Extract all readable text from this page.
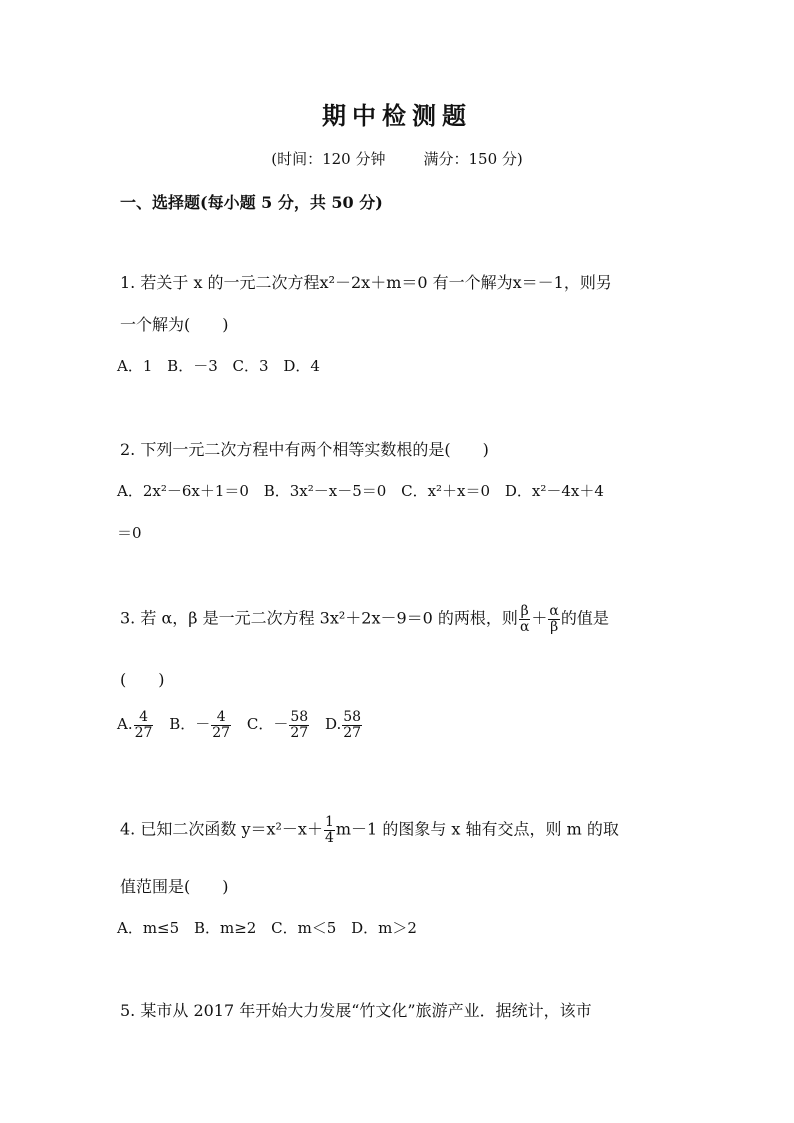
期中检测题
(时间：120 分钟	满分：150 分)
一、选择题(每小题 5 分，共 50 分)
1. 若关于 x 的一元二次方程x²－2x＋m＝0 有一个解为x＝－1，则另
一个解为(　　)
A．1 B．－3 C．3 D．4
2. 下列一元二次方程中有两个相等实数根的是(　　)
A．2x²－6x＋1＝0 B．3x²－x－5＝0 C．x²＋x＝0 D．x²－4x＋4
＝0
3. 若 α，β 是一元二次方程 3x²＋2x－9＝0 的两根，则 $\frac{\beta}{\alpha} + \frac{\alpha}{\beta}$ 的值是
(　　)
A. $\frac{4}{27}$ B．－ $\frac{4}{27}$ C．－ $\frac{58}{27} D$. $\frac{58}{27}$
4. 已知二次函数 $y=x^2-x+ \frac{1}{4} m-1$ 的图象与 x 轴有交点，则 m 的取
值范围是(　　)
A．m≤5 B．m≥2 C．m＜5 D．m＞2
5. 某市从 2017 年开始大力发展“竹文化”旅游产业．据统计，该市
